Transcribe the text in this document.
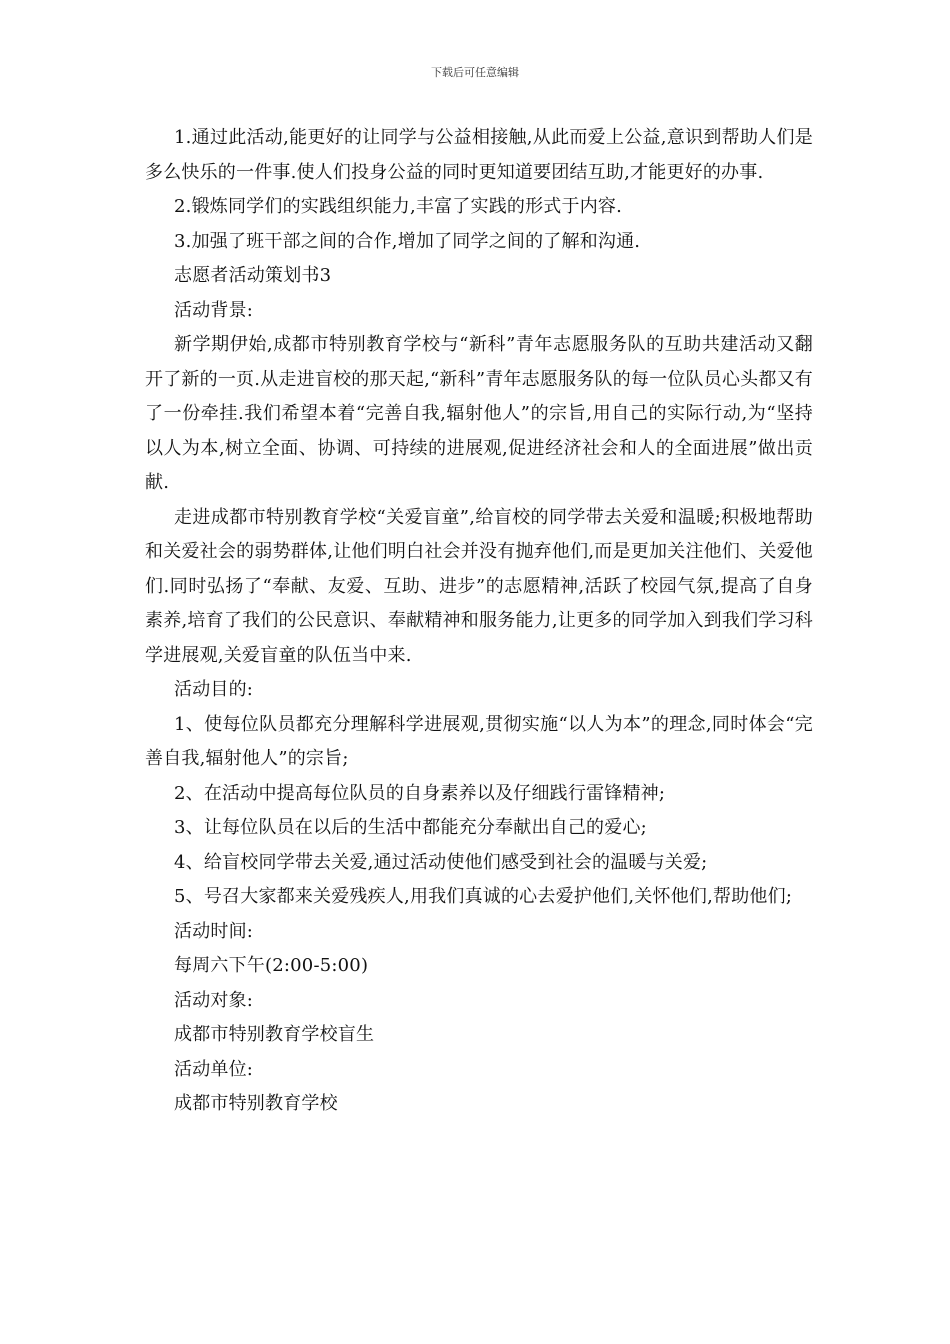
下载后可任意编辑

1.通过此活动,能更好的让同学与公益相接触,从此而爱上公益,意识到帮助人们是多么快乐的一件事.使人们投身公益的同时更知道要团结互助,才能更好的办事.

2.锻炼同学们的实践组织能力,丰富了实践的形式于内容.

3.加强了班干部之间的合作,增加了同学之间的了解和沟通.

志愿者活动策划书3

活动背景:

新学期伊始,成都市特别教育学校与“新科”青年志愿服务队的互助共建活动又翻开了新的一页.从走进盲校的那天起,“新科”青年志愿服务队的每一位队员心头都又有了一份牵挂.我们希望本着“完善自我,辐射他人”的宗旨,用自己的实际行动,为“坚持以人为本,树立全面、协调、可持续的进展观,促进经济社会和人的全面进展”做出贡献.

走进成都市特别教育学校“关爱盲童”,给盲校的同学带去关爱和温暖;积极地帮助和关爱社会的弱势群体,让他们明白社会并没有抛弃他们,而是更加关注他们、关爱他们.同时弘扬了“奉献、友爱、互助、进步”的志愿精神,活跃了校园气氛,提高了自身素养,培育了我们的公民意识、奉献精神和服务能力,让更多的同学加入到我们学习科学进展观,关爱盲童的队伍当中来.

活动目的:

1、使每位队员都充分理解科学进展观,贯彻实施“以人为本”的理念,同时体会“完善自我,辐射他人”的宗旨;

2、在活动中提高每位队员的自身素养以及仔细践行雷锋精神;

3、让每位队员在以后的生活中都能充分奉献出自己的爱心;

4、给盲校同学带去关爱,通过活动使他们感受到社会的温暖与关爱;

5、号召大家都来关爱残疾人,用我们真诚的心去爱护他们,关怀他们,帮助他们;

活动时间:

每周六下午(2:00-5:00)

活动对象:

成都市特别教育学校盲生

活动单位:

成都市特别教育学校
